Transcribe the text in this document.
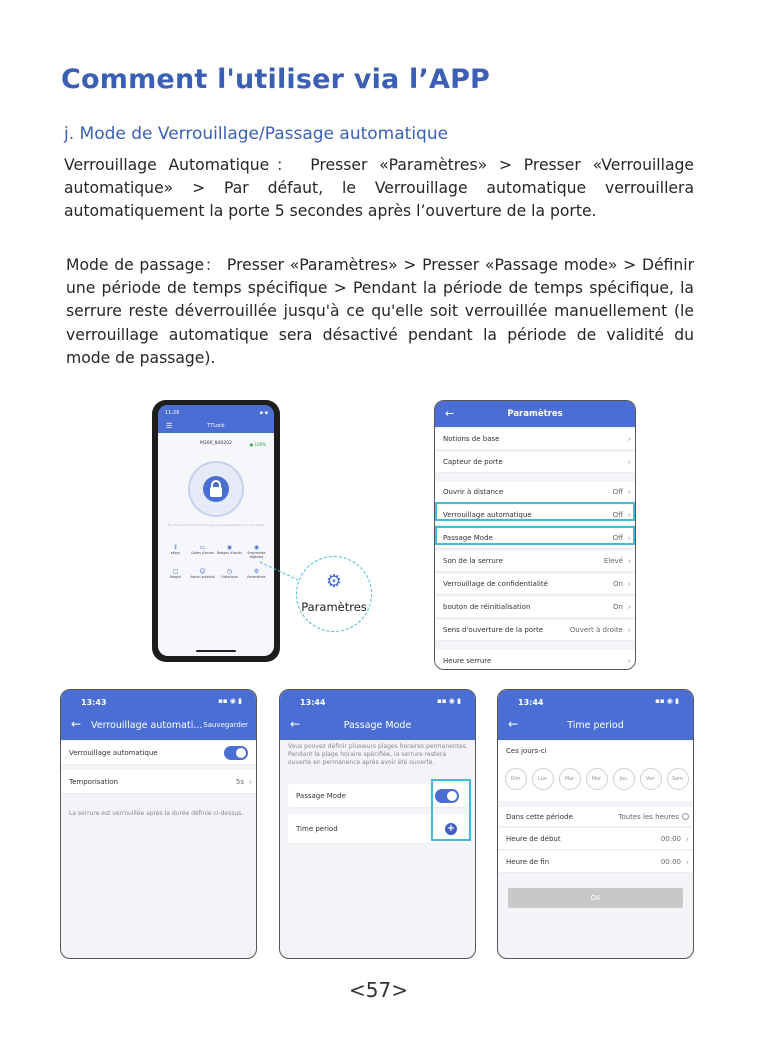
Comment l'utiliser via l’APP
j. Mode de Verrouillage/Passage automatique
Verrouillage Automatique： Presser «Paramètres» > Presser «Verrouillage automatique» > Par défaut, le Verrouillage automatique verrouillera automatiquement la porte 5 secondes après l’ouverture de la porte.
Mode de passage： Presser «Paramètres» > Presser «Passage mode» > Définir une période de temps spécifique > Pendant la période de temps spécifique, la serrure reste déverrouillée jusqu'à ce qu'elle soit verrouillée manuellement (le verrouillage automatique sera désactivé pendant la période de validité du mode de passage).
11:26	▪ ▪
☰	TTLock
M300_840202	● 100%
Touchez pour déverrouiller, appuyez longuement pour verrouiller
↕
eKeys
▭
Codes d'accès
◉
Badges d'accès
◉
Empreintes digitales
□
Rappel
☺
Admin autorisé
◷
Historique
⚙
Paramètres	⚙
Paramètres
←	Paramètres
Notions de base	›
Capteur de porte	›
Ouvrir à distance	Off ›
Verrouillage automatique	Off ›
Passage Mode	Off ›
Son de la serrure	Elevé ›
Verrouillage de confidentialité	On ›
bouton de réinitialisation	On ›
Sens d'ouverture de la porte	Ouvert à droite ›
Heure serrure	›
13:43	▪▪ ◉ ▮
← Verrouillage automati... Sauvegarder
Verrouillage automatique
Temporisation	5s ›
La serrure est verrouillée après la durée définie ci-dessus.
13:44	▪▪ ◉ ▮
←	Passage Mode
Vous pouvez définir plusieurs plages horaires permanentes. Pendant la plage horaire spécifiée, la serrure restera ouverte en permanence après avoir été ouverte.
Passage Mode
Time period	+
13:44	▪▪ ◉ ▮
←	Time period
Ces jours-ci
Dim	Lun	Mar	Mer	Jeu	Ven	Sam
Dans cette période	Toutes les heures
Heure de début	00:00 ›
Heure de fin	00:00 ›
OK
<57>
